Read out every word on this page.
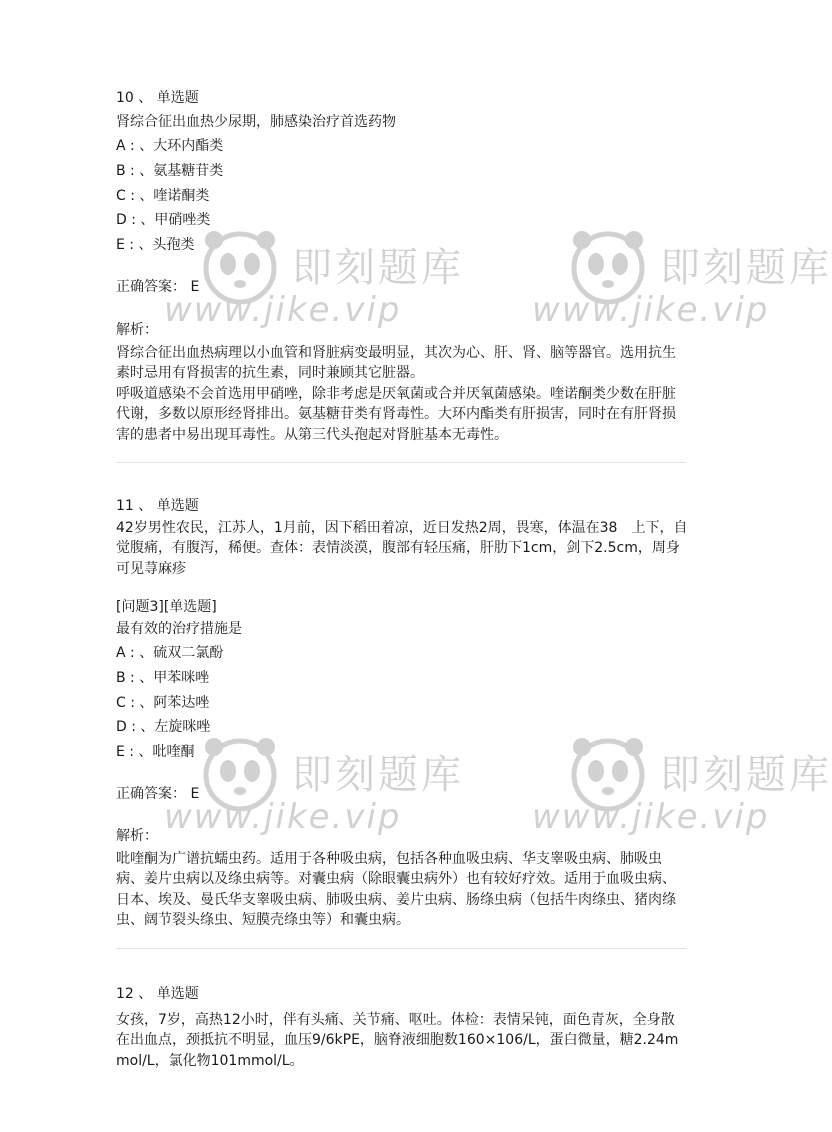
即刻题库
www.jike.vip
即刻题库
www.jike.vip
即刻题库
www.jike.vip
即刻题库
www.jike.vip
10 、 单选题
肾综合征出血热少尿期，肺感染治疗首选药物
A : 、大环内酯类
B : 、氨基糖苷类
C : 、喹诺酮类
D : 、甲硝唑类
E : 、头孢类
正确答案： E
解析：
肾综合征出血热病理以小血管和肾脏病变最明显，其次为心、肝、肾、脑等器官。选用抗生素时忌用有肾损害的抗生素，同时兼顾其它脏器。
呼吸道感染不会首选用甲硝唑，除非考虑是厌氧菌或合并厌氧菌感染。喹诺酮类少数在肝脏代谢，多数以原形经肾排出。氨基糖苷类有肾毒性。大环内酯类有肝损害，同时在有肝肾损害的患者中易出现耳毒性。从第三代头孢起对肾脏基本无毒性。
11 、 单选题
42岁男性农民，江苏人，1月前，因下稻田着凉，近日发热2周，畏寒，体温在38　上下，自觉腹痛，有腹泻，稀便。查体：表情淡漠，腹部有轻压痛，肝肋下1cm，剑下2.5cm，周身可见荨麻疹
[问题3][单选题]
最有效的治疗措施是
A : 、硫双二氯酚
B : 、甲苯咪唑
C : 、阿苯达唑
D : 、左旋咪唑
E : 、吡喹酮
正确答案： E
解析：
吡喹酮为广谱抗蠕虫药。适用于各种吸虫病，包括各种血吸虫病、华支睾吸虫病、肺吸虫病、姜片虫病以及绦虫病等。对囊虫病（除眼囊虫病外）也有较好疗效。适用于血吸虫病、日本、埃及、曼氏华支睾吸虫病、肺吸虫病、姜片虫病、肠绦虫病（包括牛肉绦虫、猪肉绦虫、阔节裂头绦虫、短膜壳绦虫等）和囊虫病。
12 、 单选题
女孩，7岁，高热12小时，伴有头痛、关节痛、呕吐。体检：表情呆钝，面色青灰，全身散在出血点，颈抵抗不明显，血压9/6kPE，脑脊液细胞数160×106/L，蛋白微量，糖2.24mmol/L，氯化物101mmol/L。
